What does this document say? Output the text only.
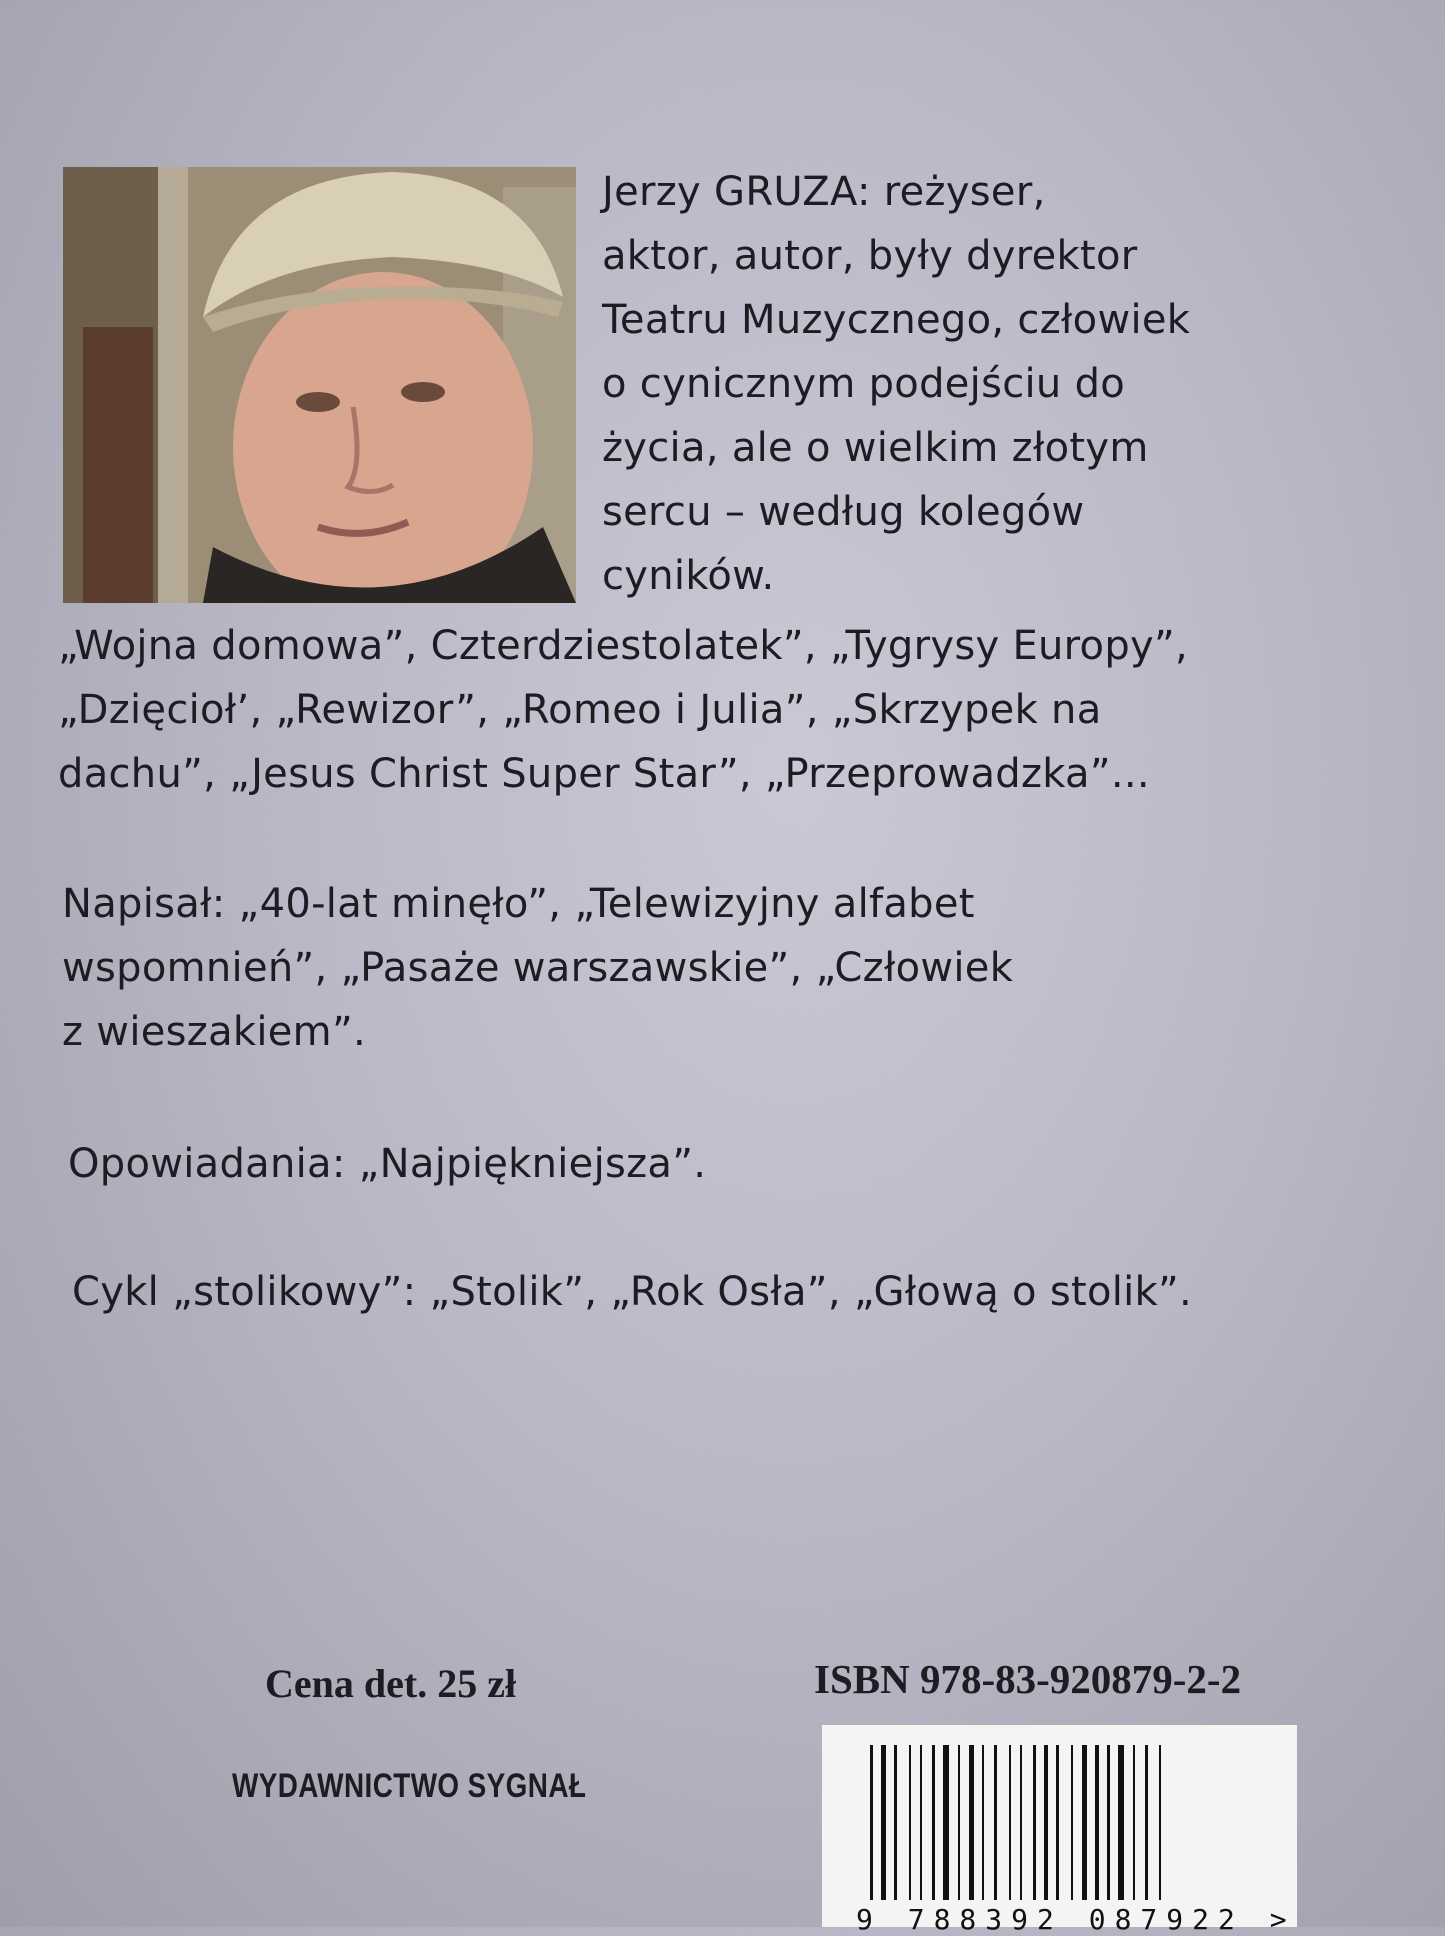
Jerzy GRUZA: reżyser,
aktor, autor, były dyrektor
Teatru Muzycznego, człowiek
o cynicznym podejściu do
życia, ale o wielkim złotym
sercu – według kolegów
cyników.
„Wojna domowa”, Czterdziestolatek”, „Tygrysy Europy”,
„Dzięcioł’, „Rewizor”, „Romeo i Julia”, „Skrzypek na
dachu”, „Jesus Christ Super Star”, „Przeprowadzka”...
Napisał: „40-lat minęło”, „Telewizyjny alfabet
wspomnień”, „Pasaże warszawskie”, „Człowiek
z wieszakiem”.
Opowiadania: „Najpiękniejsza”.
Cykl „stolikowy”: „Stolik”, „Rok Osła”, „Głową o stolik”.
Cena det. 25 zł	ISBN 978-83-920879-2-2
WYDAWNICTWO SYGNAŁ
9 788392 087922 >
